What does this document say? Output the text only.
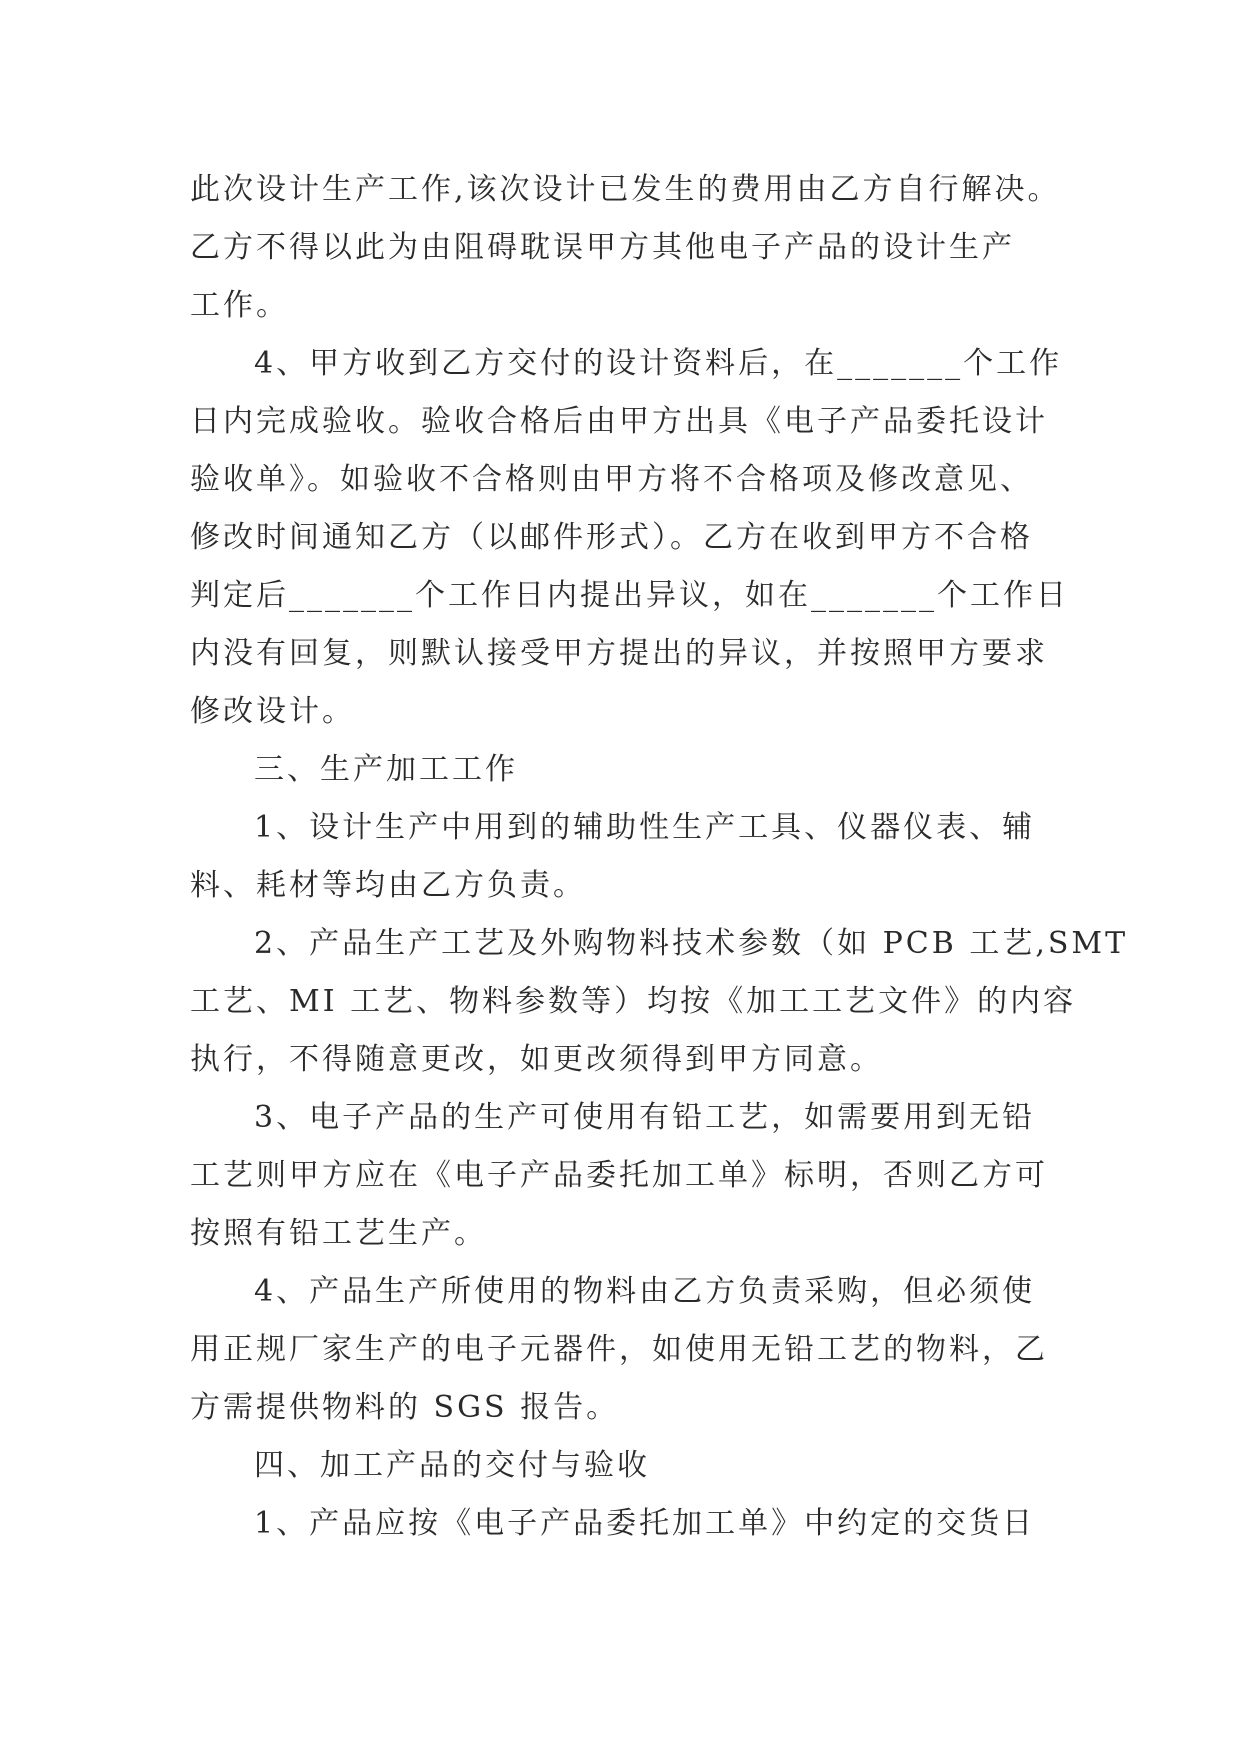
此次设计生产工作,该次设计已发生的费用由乙方自行解决。
乙方不得以此为由阻碍耽误甲方其他电子产品的设计生产
工作。
4、甲方收到乙方交付的设计资料后，在_______个工作
日内完成验收。验收合格后由甲方出具《电子产品委托设计
验收单》。如验收不合格则由甲方将不合格项及修改意见、
修改时间通知乙方（以邮件形式）。乙方在收到甲方不合格
判定后_______个工作日内提出异议，如在_______个工作日
内没有回复，则默认接受甲方提出的异议，并按照甲方要求
修改设计。
三、生产加工工作
1、设计生产中用到的辅助性生产工具、仪器仪表、辅
料、耗材等均由乙方负责。
2、产品生产工艺及外购物料技术参数（如 PCB 工艺,SMT
工艺、MI 工艺、物料参数等）均按《加工工艺文件》的内容
执行，不得随意更改，如更改须得到甲方同意。
3、电子产品的生产可使用有铅工艺，如需要用到无铅
工艺则甲方应在《电子产品委托加工单》标明，否则乙方可
按照有铅工艺生产。
4、产品生产所使用的物料由乙方负责采购，但必须使
用正规厂家生产的电子元器件，如使用无铅工艺的物料，乙
方需提供物料的 SGS 报告。
四、加工产品的交付与验收
1、产品应按《电子产品委托加工单》中约定的交货日
